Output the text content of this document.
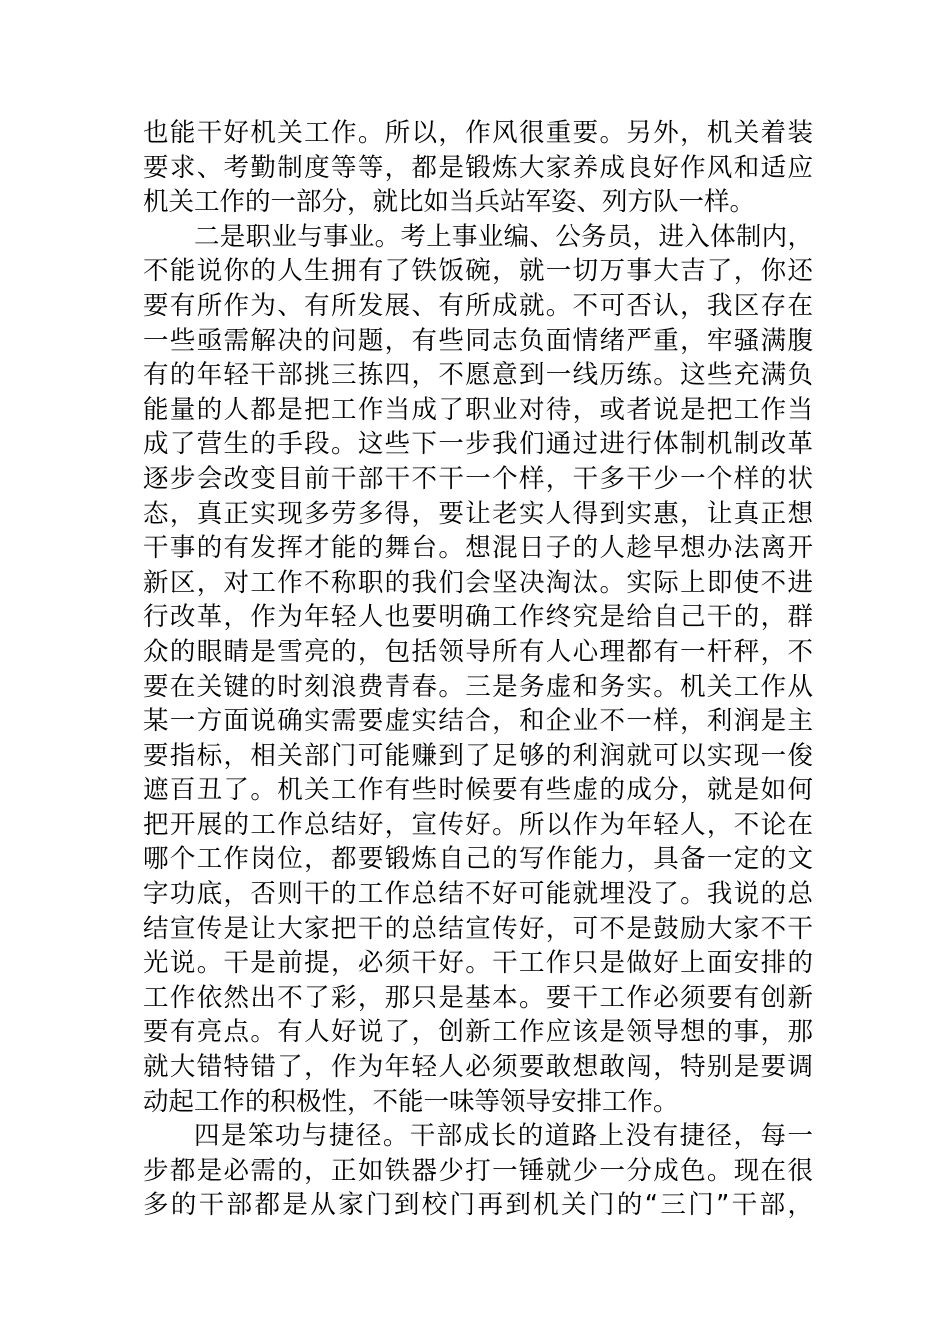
也能干好机关工作。所以，作风很重要。另外，机关着装
要求、考勤制度等等，都是锻炼大家养成良好作风和适应
机关工作的一部分，就比如当兵站军姿、列方队一样。
二是职业与事业。考上事业编、公务员，进入体制内，
不能说你的人生拥有了铁饭碗，就一切万事大吉了，你还
要有所作为、有所发展、有所成就。不可否认，我区存在
一些亟需解决的问题，有些同志负面情绪严重，牢骚满腹
有的年轻干部挑三拣四，不愿意到一线历练。这些充满负
能量的人都是把工作当成了职业对待，或者说是把工作当
成了营生的手段。这些下一步我们通过进行体制机制改革
逐步会改变目前干部干不干一个样，干多干少一个样的状
态，真正实现多劳多得，要让老实人得到实惠，让真正想
干事的有发挥才能的舞台。想混日子的人趁早想办法离开
新区，对工作不称职的我们会坚决淘汰。实际上即使不进
行改革，作为年轻人也要明确工作终究是给自己干的，群
众的眼睛是雪亮的，包括领导所有人心理都有一杆秤，不
要在关键的时刻浪费青春。三是务虚和务实。机关工作从
某一方面说确实需要虚实结合，和企业不一样，利润是主
要指标，相关部门可能赚到了足够的利润就可以实现一俊
遮百丑了。机关工作有些时候要有些虚的成分，就是如何
把开展的工作总结好，宣传好。所以作为年轻人，不论在
哪个工作岗位，都要锻炼自己的写作能力，具备一定的文
字功底，否则干的工作总结不好可能就埋没了。我说的总
结宣传是让大家把干的总结宣传好，可不是鼓励大家不干
光说。干是前提，必须干好。干工作只是做好上面安排的
工作依然出不了彩，那只是基本。要干工作必须要有创新
要有亮点。有人好说了，创新工作应该是领导想的事，那
就大错特错了，作为年轻人必须要敢想敢闯，特别是要调
动起工作的积极性，不能一味等领导安排工作。
四是笨功与捷径。干部成长的道路上没有捷径，每一
步都是必需的，正如铁器少打一锤就少一分成色。现在很
多的干部都是从家门到校门再到机关门的“三门”干部，
